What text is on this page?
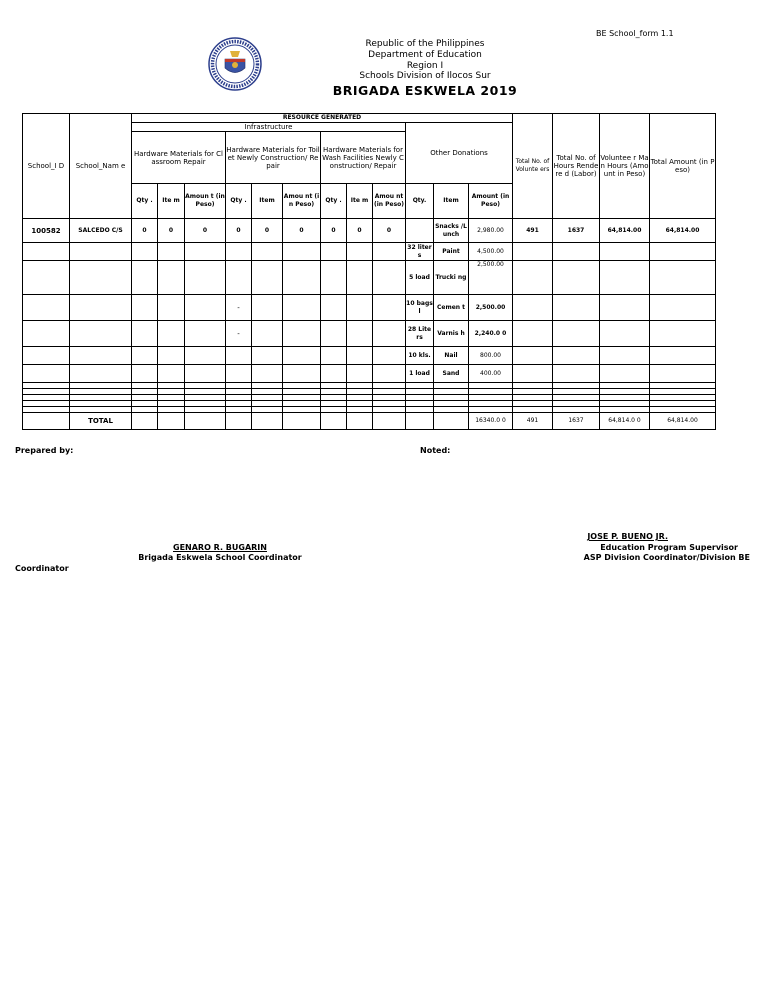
BE School_form 1.1
Republic of the Philippines
Department of Education
Region I
Schools Division of Ilocos Sur
BRIGADA ESKWELA 2019
School_I D	School_Nam e	RESOURCE GENERATED												Total No. of Volunte ers	Total No. of Hours Rendere d (Labor)	Voluntee r Man Hours (Amount in Peso)	Total Amount (in Peso)
		Infrastructure									Other Donations						
		Hardware Materials for Classroom Repair			Hardware Materials for Toilet Newly Construction/ Repair			Hardware Materials for Wash Facilities Newly Construction/ Repair									
		Qty .	Ite m	Amoun t (in Peso)	Qty .	Item	Amou nt (in Peso)	Qty .	Ite m	Amou nt (in Peso)	Qty.	Item	Amount (in Peso)				
100582	SALCEDO C/S	0	0	0	0	0	0	0	0	0		Snacks /Lunch	2,980.00	491	1637	64,814.00	64,814.00
											32 liters	Paint	4,500.00				
											5 load	Trucki ng	2,500.00				
					-						10 bags l	Cemen t	2,500.00				
					-						28 Lite rs	Varnis h	2,240.0 0				
											10 kls.	Nail	800.00				
											1 load	Sand	400.00				

	TOTAL												16340.0 0	491	1637	64,814.0 0	64,814.00
Prepared by:	Noted:
GENARO R. BUGARIN
Brigada Eskwela School Coordinator
Coordinator
JOSE P. BUENO JR.
Education Program Supervisor
ASP Division Coordinator/Division BE
